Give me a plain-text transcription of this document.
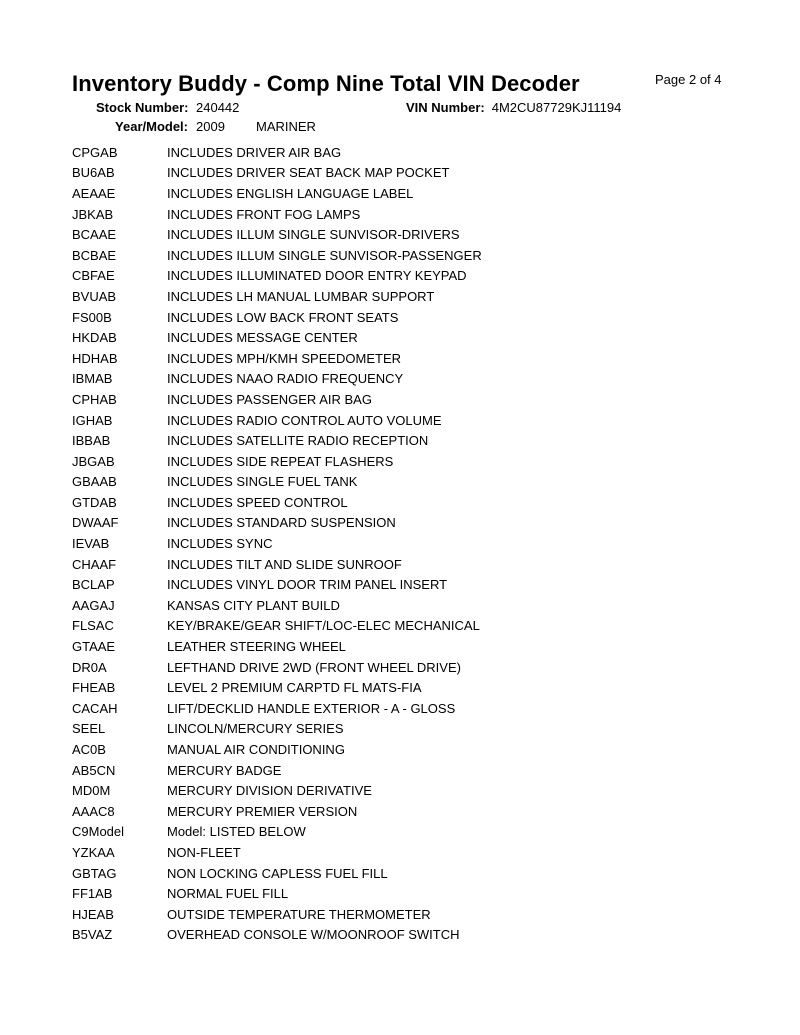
Inventory Buddy - Comp Nine Total VIN Decoder	Page 2 of 4
Stock Number: 240442	VIN Number: 4M2CU87729KJ11194
Year/Model: 2009 MARINER
CPGAB	INCLUDES DRIVER AIR BAG
BU6AB	INCLUDES DRIVER SEAT BACK MAP POCKET
AEAAE	INCLUDES ENGLISH LANGUAGE LABEL
JBKAB	INCLUDES FRONT FOG LAMPS
BCAAE	INCLUDES ILLUM SINGLE SUNVISOR-DRIVERS
BCBAE	INCLUDES ILLUM SINGLE SUNVISOR-PASSENGER
CBFAE	INCLUDES ILLUMINATED DOOR ENTRY KEYPAD
BVUAB	INCLUDES LH MANUAL LUMBAR SUPPORT
FS00B	INCLUDES LOW BACK FRONT SEATS
HKDAB	INCLUDES MESSAGE CENTER
HDHAB	INCLUDES MPH/KMH SPEEDOMETER
IBMAB	INCLUDES NAAO RADIO FREQUENCY
CPHAB	INCLUDES PASSENGER AIR BAG
IGHAB	INCLUDES RADIO CONTROL AUTO VOLUME
IBBAB	INCLUDES SATELLITE RADIO RECEPTION
JBGAB	INCLUDES SIDE REPEAT FLASHERS
GBAAB	INCLUDES SINGLE FUEL TANK
GTDAB	INCLUDES SPEED CONTROL
DWAAF	INCLUDES STANDARD SUSPENSION
IEVAB	INCLUDES SYNC
CHAAF	INCLUDES TILT AND SLIDE SUNROOF
BCLAP	INCLUDES VINYL DOOR TRIM PANEL INSERT
AAGAJ	KANSAS CITY PLANT BUILD
FLSAC	KEY/BRAKE/GEAR SHIFT/LOC-ELEC MECHANICAL
GTAAE	LEATHER STEERING WHEEL
DR0A	LEFTHAND DRIVE 2WD (FRONT WHEEL DRIVE)
FHEAB	LEVEL 2 PREMIUM CARPTD FL MATS-FIA
CACAH	LIFT/DECKLID HANDLE EXTERIOR - A - GLOSS
SEEL	LINCOLN/MERCURY SERIES
AC0B	MANUAL AIR CONDITIONING
AB5CN	MERCURY BADGE
MD0M	MERCURY DIVISION DERIVATIVE
AAAC8	MERCURY PREMIER VERSION
C9Model	Model: LISTED BELOW
YZKAA	NON-FLEET
GBTAG	NON LOCKING CAPLESS FUEL FILL
FF1AB	NORMAL FUEL FILL
HJEAB	OUTSIDE TEMPERATURE THERMOMETER
B5VAZ	OVERHEAD CONSOLE W/MOONROOF SWITCH
